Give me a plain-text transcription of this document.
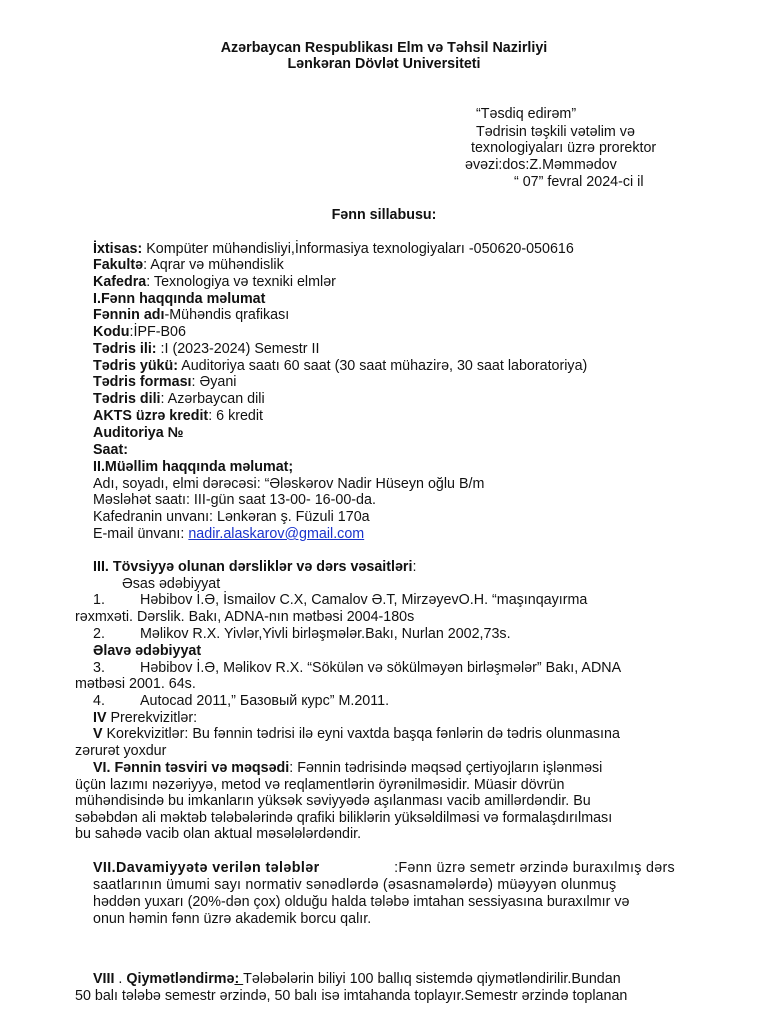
Azərbaycan Respublikası Elm və Təhsil Nazirliyi
Lənkəran Dövlət Universiteti
“Təsdiq edirəm”
Tədrisin təşkili vətəlim və
texnologiyaları üzrə prorektor
əvəzi:dos:Z.Məmmədov
“ 07” fevral 2024-ci il
Fənn sillabusu:
İxtisas: Kompüter mühəndisliyi,İnformasiya texnologiyaları -050620-050616
Fakultə: Aqrar və mühəndislik
Kafedra: Texnologiya və texniki elmlər
I.Fənn haqqında məlumat
Fənnin adı-Mühəndis qrafikası
Kodu:İPF-B06
Tədris ili: :I (2023-2024) Semestr II
Tədris yükü: Auditoriya saatı 60 saat (30 saat mühazirə, 30 saat laboratoriya)
Tədris forması: Əyani
Tədris dili: Azərbaycan dili
AKTS üzrə kredit: 6 kredit
Auditoriya №
Saat:
II.Müəllim haqqında məlumat;
Adı, soyadı, elmi dərəcəsi: “Ələskərov Nadir Hüseyn oğlu B/m
Məsləhət saatı: III-gün saat 13-00- 16-00-da.
Kafedranin unvanı: Lənkəran ş. Füzuli 170a
E-mail ünvanı: nadir.alaskarov@gmail.com
III. Tövsiyyə olunan dərsliklər və dərs vəsaitləri:
Əsas ədəbiyyat
1. Həbibov İ.Ə, İsmailov C.X, Camalov Ə.T, MirzəyevO.H. “maşınqayırma
rəxmxəti. Dərslik. Bakı, ADNA-nın mətbəsi 2004-180s
2. Məlikov R.X. Yivlər,Yivli birləşmələr.Bakı, Nurlan 2002,73s.
Əlavə ədəbiyyat
3. Həbibov İ.Ə, Məlikov R.X. “Sökülən və sökülməyən birləşmələr” Bakı, ADNA
mətbəsi 2001. 64s.
4. Autocad 2011,” Базовый курс” М.2011.
IV Prerekvizitlər:
V Korekvizitlər: Bu fənnin tədrisi ilə eyni vaxtda başqa fənlərin də tədris olunmasına
zərurət yoxdur
VI. Fənnin təsviri və məqsədi: Fənnin tədrisində məqsəd çertiyojların işlənməsi
üçün lazımı nəzəriyyə, metod və reqlamentlərin öyrənilməsidir. Müasir dövrün
mühəndisində bu imkanların yüksək səviyyədə aşılanması vacib amillərdəndir. Bu
səbəbdən ali məktəb tələbələrində qrafiki biliklərin yüksəldilməsi və formalaşdırılması
bu sahədə vacib olan aktual məsələlərdəndir.
VII.Davamiyyətə verilən tələblər	:Fənn üzrə semetr ərzində buraxılmış dərs
saatlarının ümumi sayı normativ sənədlərdə (əsasnamələrdə) müəyyən olunmuş
həddən yuxarı (20%-dən çox) olduğu halda tələbə imtahan sessiyasına buraxılmır və
onun həmin fənn üzrə akademik borcu qalır.
VIII . Qiymətləndirmə: Tələbələrin biliyi 100 ballıq sistemdə qiymətləndirilir.Bundan
50 balı tələbə semestr ərzində, 50 balı isə imtahanda toplayır.Semestr ərzində toplanan
